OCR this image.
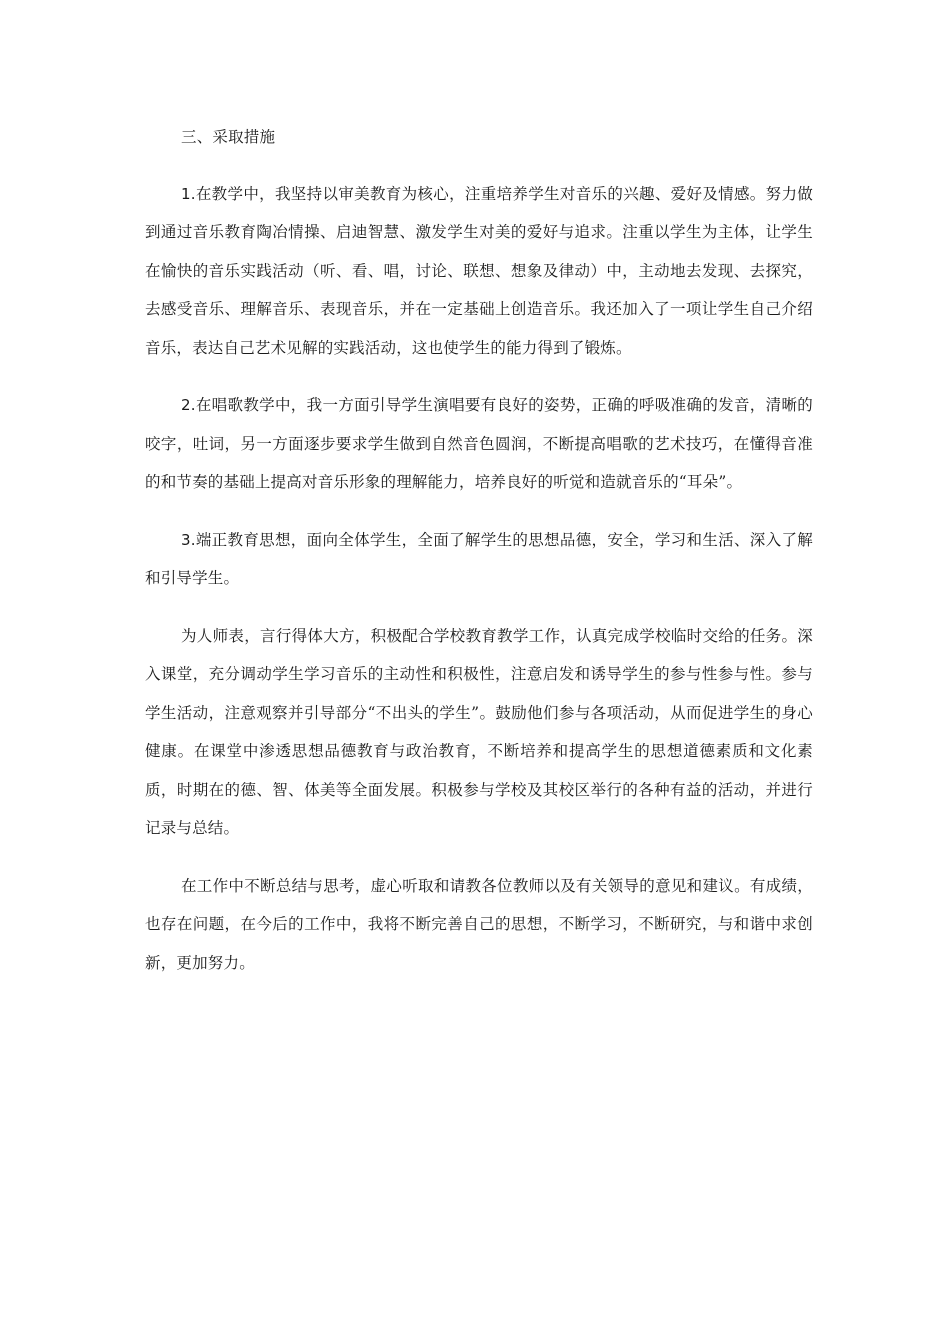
三、采取措施

1.在教学中，我坚持以审美教育为核心，注重培养学生对音乐的兴趣、爱好及情感。努力做到通过音乐教育陶冶情操、启迪智慧、激发学生对美的爱好与追求。注重以学生为主体，让学生在愉快的音乐实践活动（听、看、唱，讨论、联想、想象及律动）中，主动地去发现、去探究，去感受音乐、理解音乐、表现音乐，并在一定基础上创造音乐。我还加入了一项让学生自己介绍音乐，表达自己艺术见解的实践活动，这也使学生的能力得到了锻炼。

2.在唱歌教学中，我一方面引导学生演唱要有良好的姿势，正确的呼吸准确的发音，清晰的咬字，吐词，另一方面逐步要求学生做到自然音色圆润，不断提高唱歌的艺术技巧，在懂得音准的和节奏的基础上提高对音乐形象的理解能力，培养良好的听觉和造就音乐的“耳朵”。

3.端正教育思想，面向全体学生，全面了解学生的思想品德，安全，学习和生活、深入了解和引导学生。

为人师表，言行得体大方，积极配合学校教育教学工作，认真完成学校临时交给的任务。深入课堂，充分调动学生学习音乐的主动性和积极性，注意启发和诱导学生的参与性参与性。参与学生活动，注意观察并引导部分“不出头的学生”。鼓励他们参与各项活动，从而促进学生的身心健康。在课堂中渗透思想品德教育与政治教育，不断培养和提高学生的思想道德素质和文化素质，时期在的德、智、体美等全面发展。积极参与学校及其校区举行的各种有益的活动，并进行记录与总结。

在工作中不断总结与思考，虚心听取和请教各位教师以及有关领导的意见和建议。有成绩，也存在问题，在今后的工作中，我将不断完善自己的思想，不断学习，不断研究，与和谐中求创新，更加努力。
